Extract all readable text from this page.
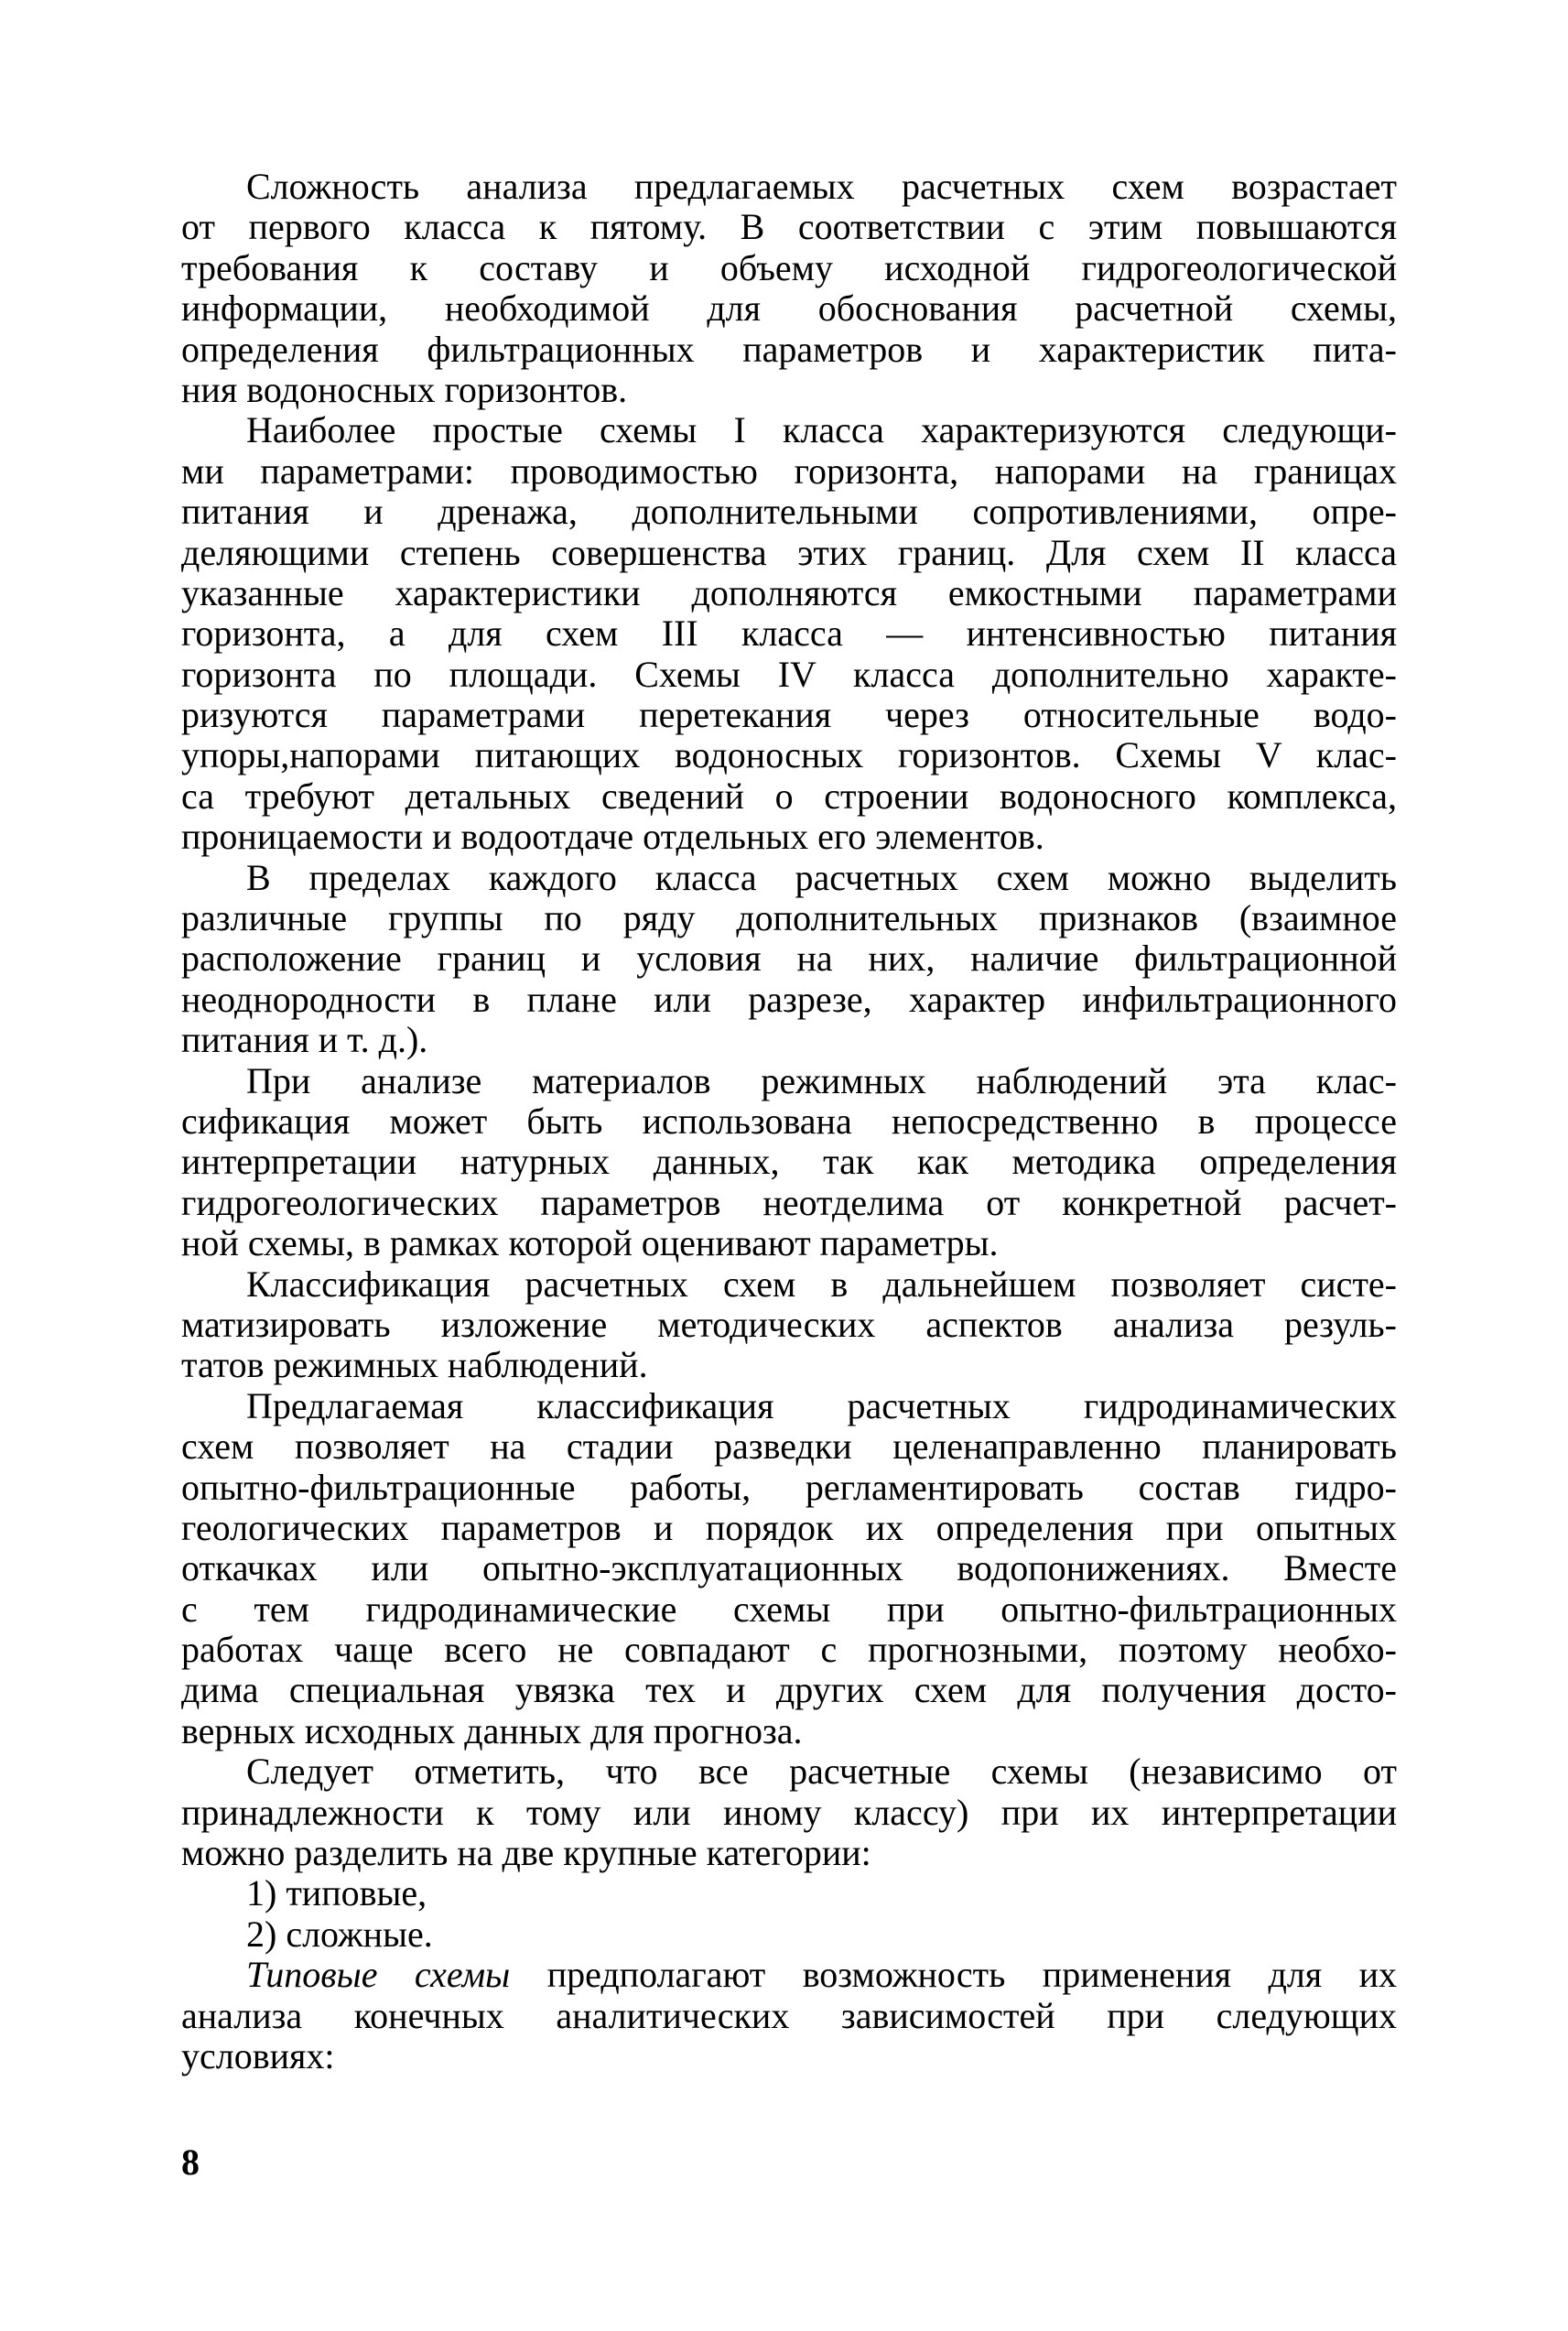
Сложность анализа предлагаемых расчетных схем возрастает
от первого класса к пятому. В соответствии с этим повышаются
требования к составу и объему исходной гидрогеологической
информации, необходимой для обоснования расчетной схемы,
определения фильтрационных параметров и характеристик пита-
ния водоносных горизонтов.
Наиболее простые схемы I класса характеризуются следующи-
ми параметрами: проводимостью горизонта, напорами на границах
питания и дренажа, дополнительными сопротивлениями, опре-
деляющими степень совершенства этих границ. Для схем II класса
указанные характеристики дополняются емкостными параметрами
горизонта, а для схем III класса — интенсивностью питания
горизонта по площади. Схемы IV класса дополнительно характе-
ризуются параметрами перетекания через относительные водо-
упоры,напорами питающих водоносных горизонтов. Схемы V клас-
са требуют детальных сведений о строении водоносного комплекса,
проницаемости и водоотдаче отдельных его элементов.
В пределах каждого класса расчетных схем можно выделить
различные группы по ряду дополнительных признаков (взаимное
расположение границ и условия на них, наличие фильтрационной
неоднородности в плане или разрезе, характер инфильтрационного
питания и т. д.).
При анализе материалов режимных наблюдений эта клас-
сификация может быть использована непосредственно в процессе
интерпретации натурных данных, так как методика определения
гидрогеологических параметров неотделима от конкретной расчет-
ной схемы, в рамках которой оценивают параметры.
Классификация расчетных схем в дальнейшем позволяет систе-
матизировать изложение методических аспектов анализа резуль-
татов режимных наблюдений.
Предлагаемая классификация расчетных гидродинамических
схем позволяет на стадии разведки целенаправленно планировать
опытно-фильтрационные работы, регламентировать состав гидро-
геологических параметров и порядок их определения при опытных
откачках или опытно-эксплуатационных водопонижениях. Вместе
с тем гидродинамические схемы при опытно-фильтрационных
работах чаще всего не совпадают с прогнозными, поэтому необхо-
дима специальная увязка тех и других схем для получения досто-
верных исходных данных для прогноза.
Следует отметить, что все расчетные схемы (независимо от
принадлежности к тому или иному классу) при их интерпретации
можно разделить на две крупные категории:
1) типовые,
2) сложные.
Типовые схемы предполагают возможность применения для их
анализа конечных аналитических зависимостей при следующих
условиях:
8
